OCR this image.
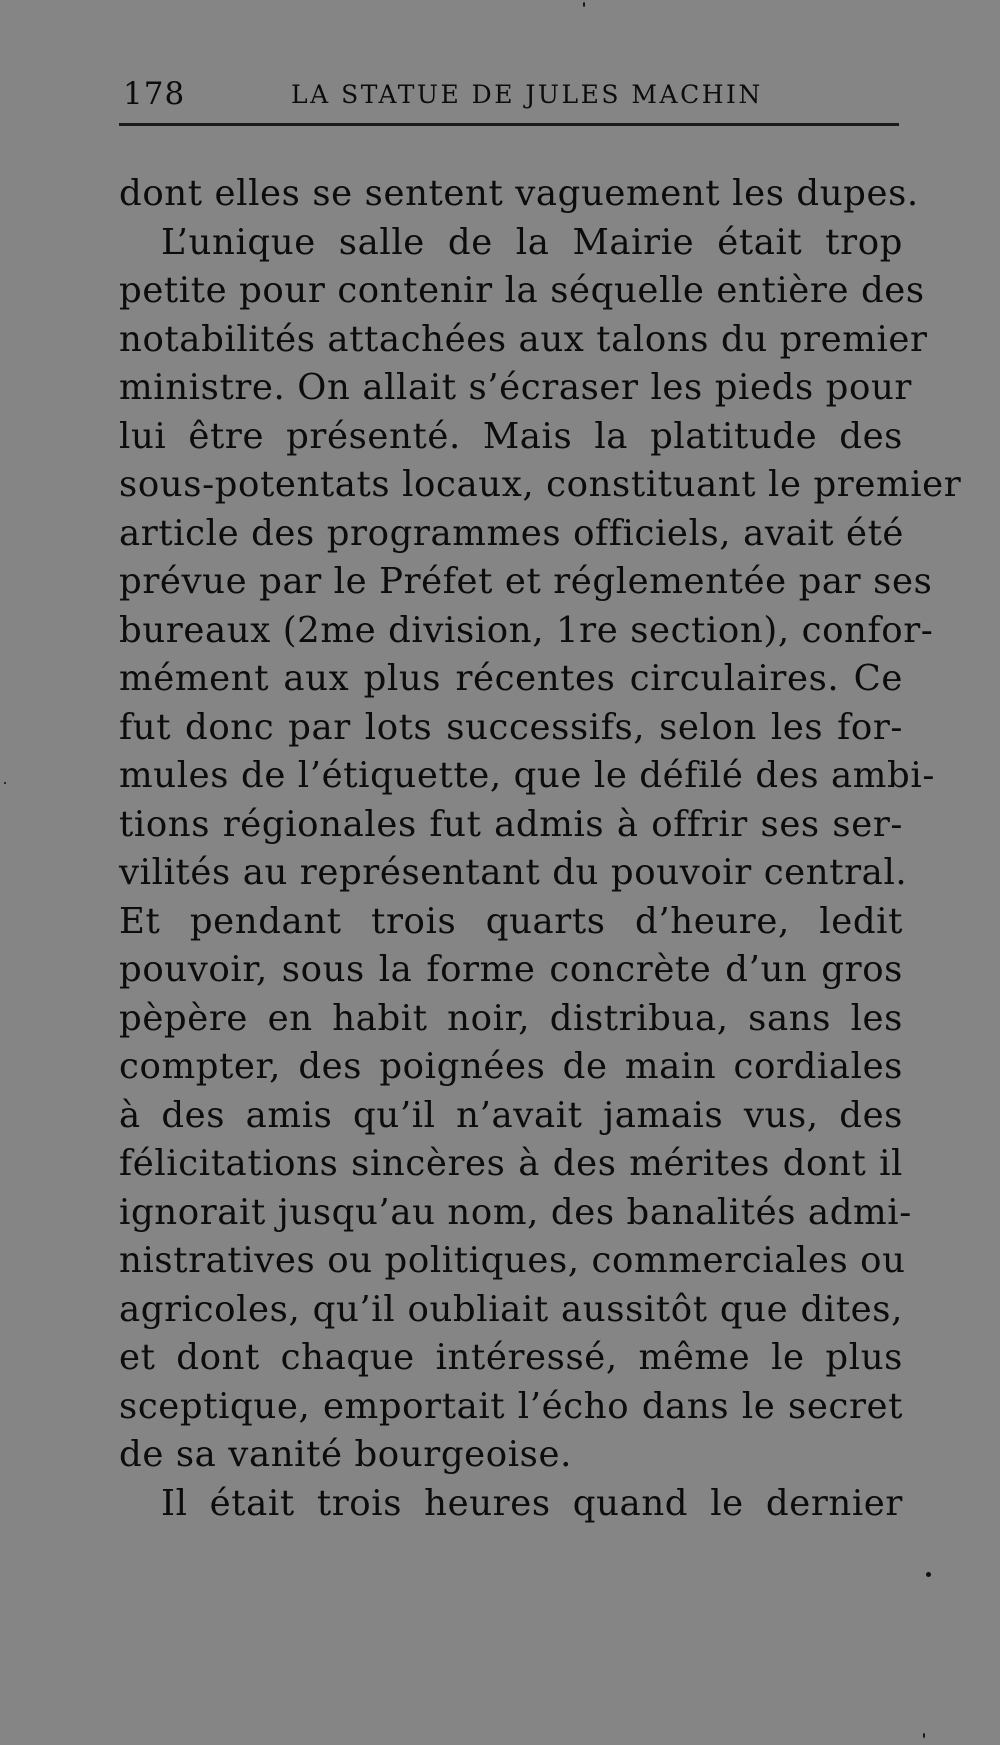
178	LA STATUE DE JULES MACHIN
dont elles se sentent vaguement les dupes.
L’unique salle de la Mairie était trop
petite pour contenir la séquelle entière des
notabilités attachées aux talons du premier
ministre. On allait s’écraser les pieds pour
lui être présenté. Mais la platitude des
sous-potentats locaux, constituant le premier
article des programmes officiels, avait été
prévue par le Préfet et réglementée par ses
bureaux (2me division, 1re section), confor-
mément aux plus récentes circulaires. Ce
fut donc par lots successifs, selon les for-
mules de l’étiquette, que le défilé des ambi-
tions régionales fut admis à offrir ses ser-
vilités au représentant du pouvoir central.
Et pendant trois quarts d’heure, ledit
pouvoir, sous la forme concrète d’un gros
pèpère en habit noir, distribua, sans les
compter, des poignées de main cordiales
à des amis qu’il n’avait jamais vus, des
félicitations sincères à des mérites dont il
ignorait jusqu’au nom, des banalités admi-
nistratives ou politiques, commerciales ou
agricoles, qu’il oubliait aussitôt que dites,
et dont chaque intéressé, même le plus
sceptique, emportait l’écho dans le secret
de sa vanité bourgeoise.
Il était trois heures quand le dernier
